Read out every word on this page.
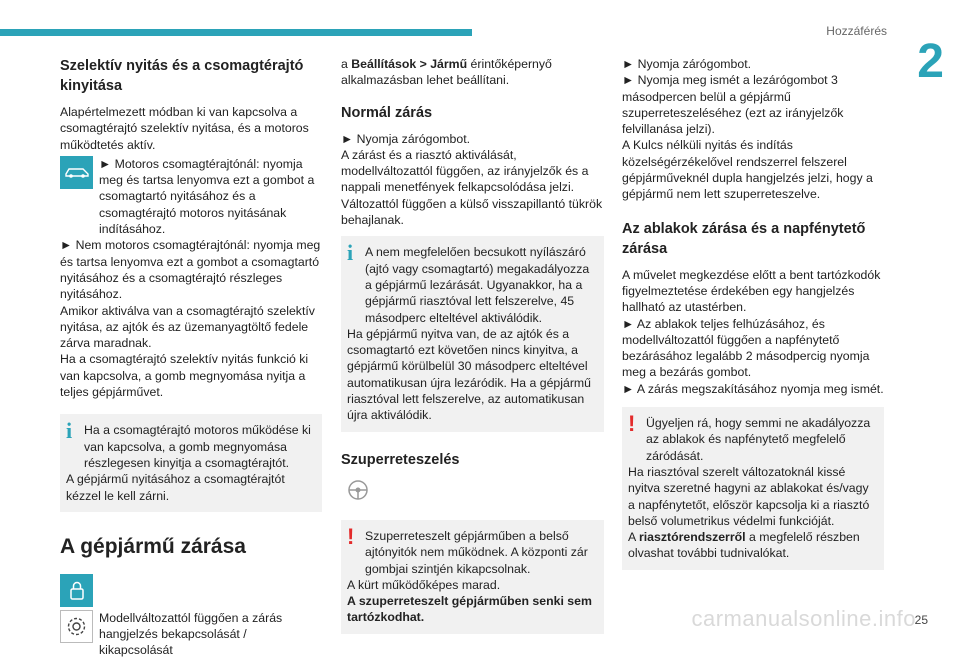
Hozzáférés
2
Szelektív nyitás és a csomagtérajtó kinyitása

Alapértelmezett módban ki van kapcsolva a csomagtérajtó szelektív nyitása, és a motoros működtetés aktív.

► Motoros csomagtérajtónál: nyomja meg és tartsa lenyomva ezt a gombot a csomagtartó nyitásához és a csomagtérajtó motoros nyitásának indításához.

► Nem motoros csomagtérajtónál: nyomja meg és tartsa lenyomva ezt a gombot a csomagtartó nyitásához és a csomagtérajtó részleges nyitásához.

Amikor aktiválva van a csomagtérajtó szelektív nyitása, az ajtók és az üzemanyagtöltő fedele zárva maradnak.

Ha a csomagtérajtó szelektív nyitás funkció ki van kapcsolva, a gomb megnyomása nyitja a teljes gépjárművet.

i Ha a csomagtérajtó motoros működése ki van kapcsolva, a gomb megnyomása részlegesen kinyitja a csomagtérajtót.

A gépjármű nyitásához a csomagtérajtót kézzel le kell zárni.

A gépjármű zárása

Modellváltozattól függően a zárás hangjelzés bekapcsolását / kikapcsolását

a Beállítások > Jármű érintőképernyő alkalmazásban lehet beállítani.

Normál zárás

► Nyomja zárógombot.

A zárást és a riasztó aktiválását, modellváltozattól függően, az irányjelzők és a nappali menetfények felkapcsolódása jelzi.

Változattól függően a külső visszapillantó tükrök behajlanak.

i A nem megfelelően becsukott nyílászáró (ajtó vagy csomagtartó) megakadályozza a gépjármű lezárását. Ugyanakkor, ha a gépjármű riasztóval lett felszerelve, 45 másodperc elteltével aktiválódik.

Ha gépjármű nyitva van, de az ajtók és a csomagtartó ezt követően nincs kinyitva, a gépjármű körülbelül 30 másodperc elteltével automatikusan újra lezáródik. Ha a gépjármű riasztóval lett felszerelve, az automatikusan újra aktiválódik.

Szuperreteszelés
! Szuperreteszelt gépjárműben a belső ajtónyitók nem működnek. A központi zár gombjai szintjén kikapcsolnak.

A kürt működőképes marad.

A szuperreteszelt gépjárműben senki sem tartózkodhat.

► Nyomja zárógombot.

► Nyomja meg ismét a lezárógombot 3 másodpercen belül a gépjármű szuperreteszeléséhez (ezt az irányjelzők felvillanása jelzi).

A Kulcs nélküli nyitás és indítás közelségérzékelővel rendszerrel felszerel gépjárműveknél dupla hangjelzés jelzi, hogy a gépjármű nem lett szuperreteszelve.

Az ablakok zárása és a napfénytető zárása

A művelet megkezdése előtt a bent tartózkodók figyelmeztetése érdekében egy hangjelzés hallható az utastérben.

► Az ablakok teljes felhúzásához, és modellváltozattól függően a napfénytető bezárásához legalább 2 másodpercig nyomja meg a bezárás gombot.

► A zárás megszakításához nyomja meg ismét.

! Ügyeljen rá, hogy semmi ne akadályozza az ablakok és napfénytető megfelelő záródását.

Ha riasztóval szerelt változatoknál kissé nyitva szeretné hagyni az ablakokat és/vagy a napfénytetőt, először kapcsolja ki a riasztó belső volumetrikus védelmi funkcióját.

A riasztórendszerről a megfelelő részben olvashat további tudnivalókat.

carmanualsonline.info
25
